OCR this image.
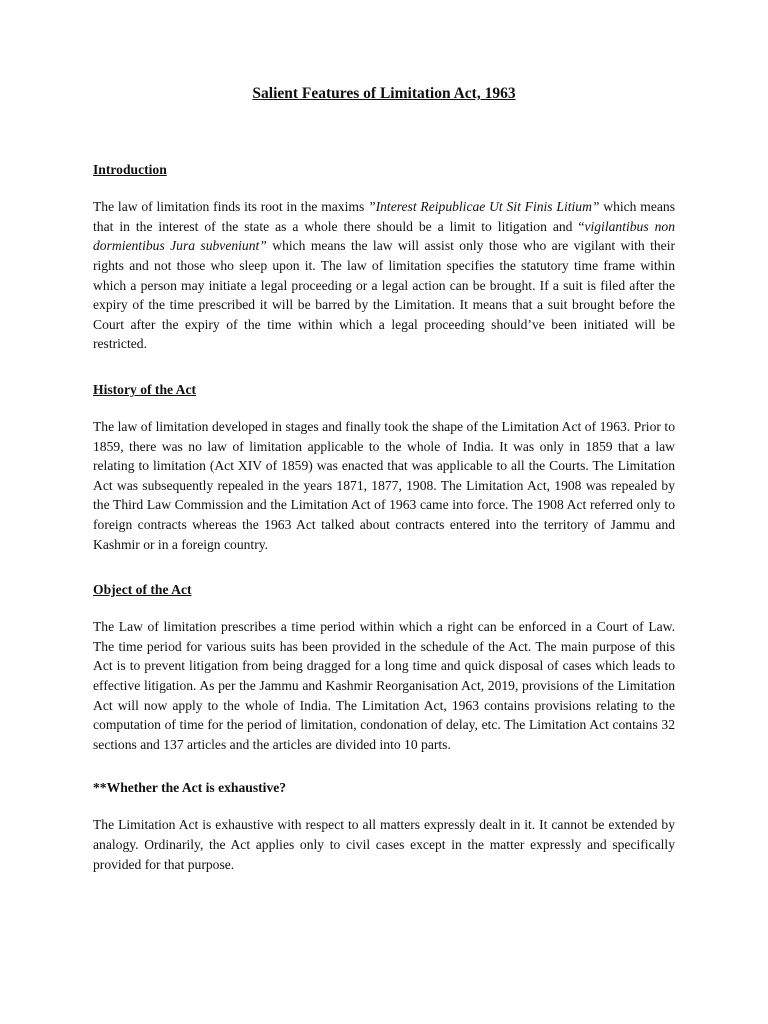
Salient Features of Limitation Act, 1963
Introduction

The law of limitation finds its root in the maxims ”Interest Reipublicae Ut Sit Finis Litium” which means that in the interest of the state as a whole there should be a limit to litigation and “vigilantibus non dormientibus Jura subveniunt” which means the law will assist only those who are vigilant with their rights and not those who sleep upon it. The law of limitation specifies the statutory time frame within which a person may initiate a legal proceeding or a legal action can be brought. If a suit is filed after the expiry of the time prescribed it will be barred by the Limitation. It means that a suit brought before the Court after the expiry of the time within which a legal proceeding should’ve been initiated will be restricted.

History of the Act

The law of limitation developed in stages and finally took the shape of the Limitation Act of 1963. Prior to 1859, there was no law of limitation applicable to the whole of India. It was only in 1859 that a law relating to limitation (Act XIV of 1859) was enacted that was applicable to all the Courts. The Limitation Act was subsequently repealed in the years 1871, 1877, 1908. The Limitation Act, 1908 was repealed by the Third Law Commission and the Limitation Act of 1963 came into force. The 1908 Act referred only to foreign contracts whereas the 1963 Act talked about contracts entered into the territory of Jammu and Kashmir or in a foreign country.

Object of the Act

The Law of limitation prescribes a time period within which a right can be enforced in a Court of Law. The time period for various suits has been provided in the schedule of the Act. The main purpose of this Act is to prevent litigation from being dragged for a long time and quick disposal of cases which leads to effective litigation. As per the Jammu and Kashmir Reorganisation Act, 2019, provisions of the Limitation Act will now apply to the whole of India. The Limitation Act, 1963 contains provisions relating to the computation of time for the period of limitation, condonation of delay, etc. The Limitation Act contains 32 sections and 137 articles and the articles are divided into 10 parts.

**Whether the Act is exhaustive?

The Limitation Act is exhaustive with respect to all matters expressly dealt in it. It cannot be extended by analogy. Ordinarily, the Act applies only to civil cases except in the matter expressly and specifically provided for that purpose.
